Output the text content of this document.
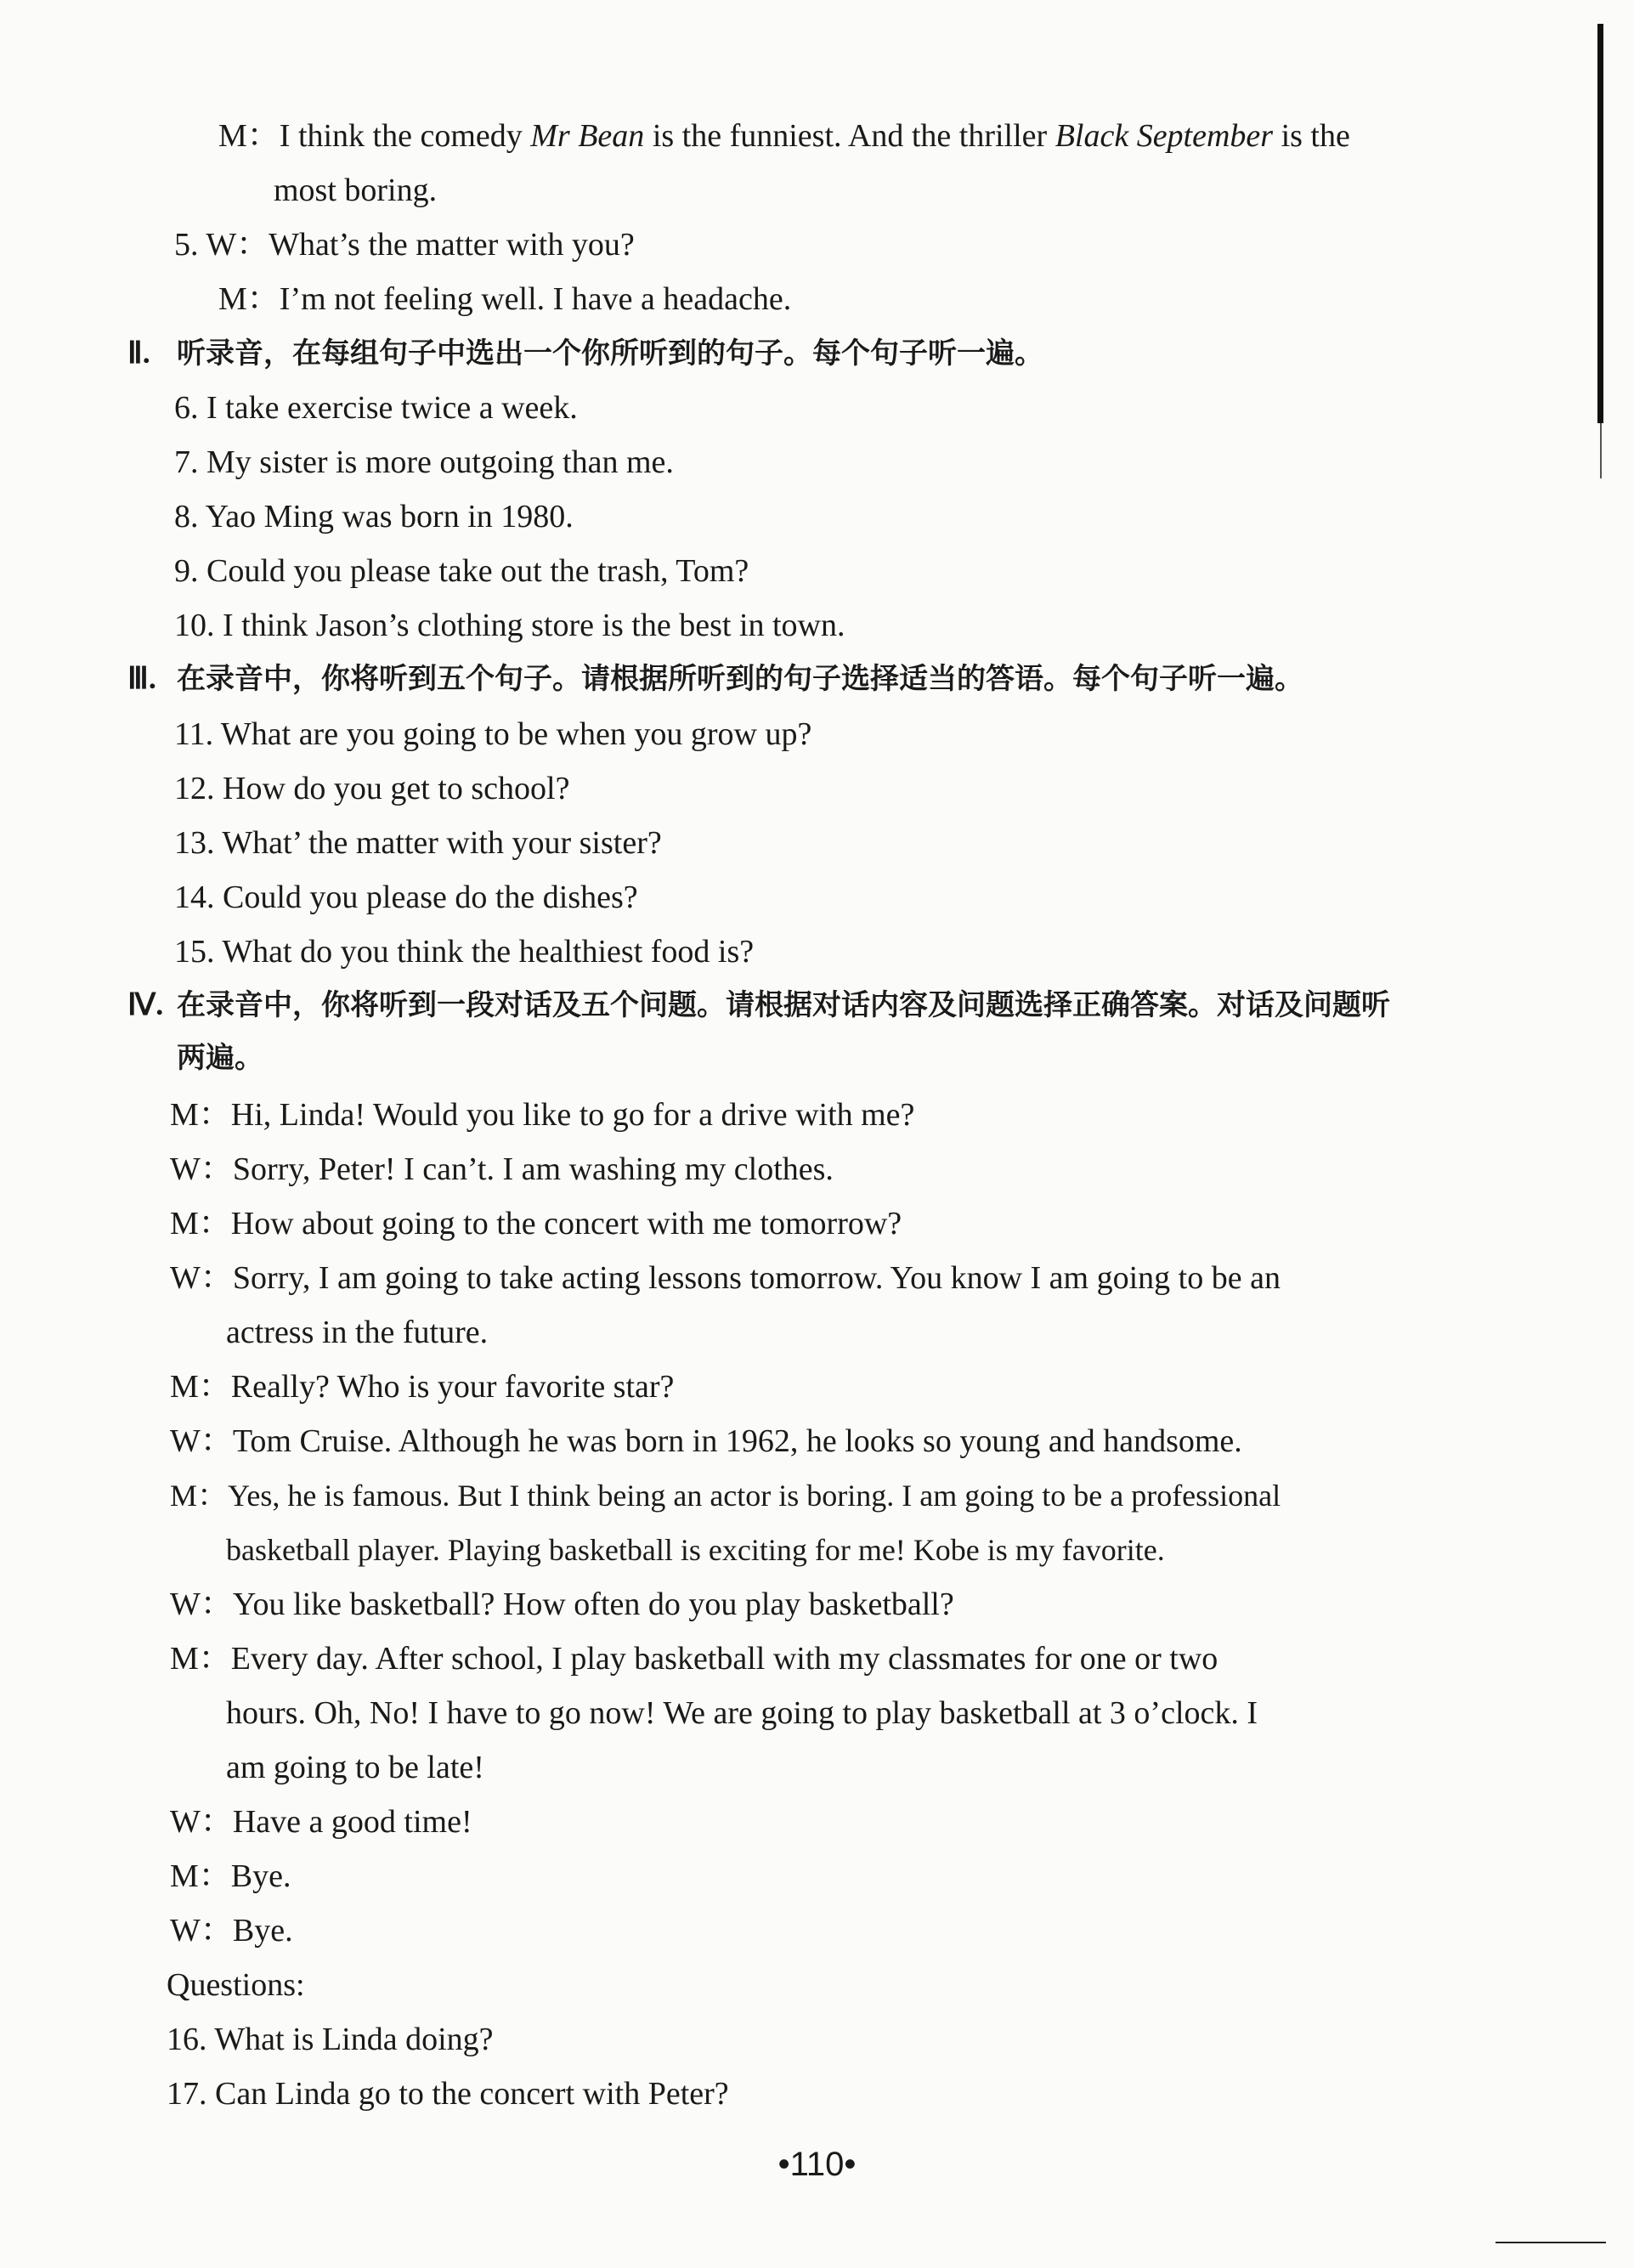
M：I think the comedy Mr Bean is the funniest. And the thriller Black September is the
most boring.
5. W：What’s the matter with you?
M：I’m not feeling well. I have a headache.
Ⅱ. 听录音，在每组句子中选出一个你所听到的句子。每个句子听一遍。
6. I take exercise twice a week.
7. My sister is more outgoing than me.
8. Yao Ming was born in 1980.
9. Could you please take out the trash, Tom?
10. I think Jason’s clothing store is the best in town.
Ⅲ. 在录音中，你将听到五个句子。请根据所听到的句子选择适当的答语。每个句子听一遍。
11. What are you going to be when you grow up?
12. How do you get to school?
13. What’ the matter with your sister?
14. Could you please do the dishes?
15. What do you think the healthiest food is?
Ⅳ. 在录音中，你将听到一段对话及五个问题。请根据对话内容及问题选择正确答案。对话及问题听
两遍。
M：Hi, Linda! Would you like to go for a drive with me?
W：Sorry, Peter! I can’t. I am washing my clothes.
M：How about going to the concert with me tomorrow?
W：Sorry, I am going to take acting lessons tomorrow. You know I am going to be an
actress in the future.
M：Really? Who is your favorite star?
W：Tom Cruise. Although he was born in 1962, he looks so young and handsome.
M：Yes, he is famous. But I think being an actor is boring. I am going to be a professional
basketball player. Playing basketball is exciting for me! Kobe is my favorite.
W：You like basketball? How often do you play basketball?
M：Every day. After school, I play basketball with my classmates for one or two
hours. Oh, No! I have to go now! We are going to play basketball at 3 o’clock. I
am going to be late!
W：Have a good time!
M：Bye.
W：Bye.
Questions:
16. What is Linda doing?
17. Can Linda go to the concert with Peter?
•110•
